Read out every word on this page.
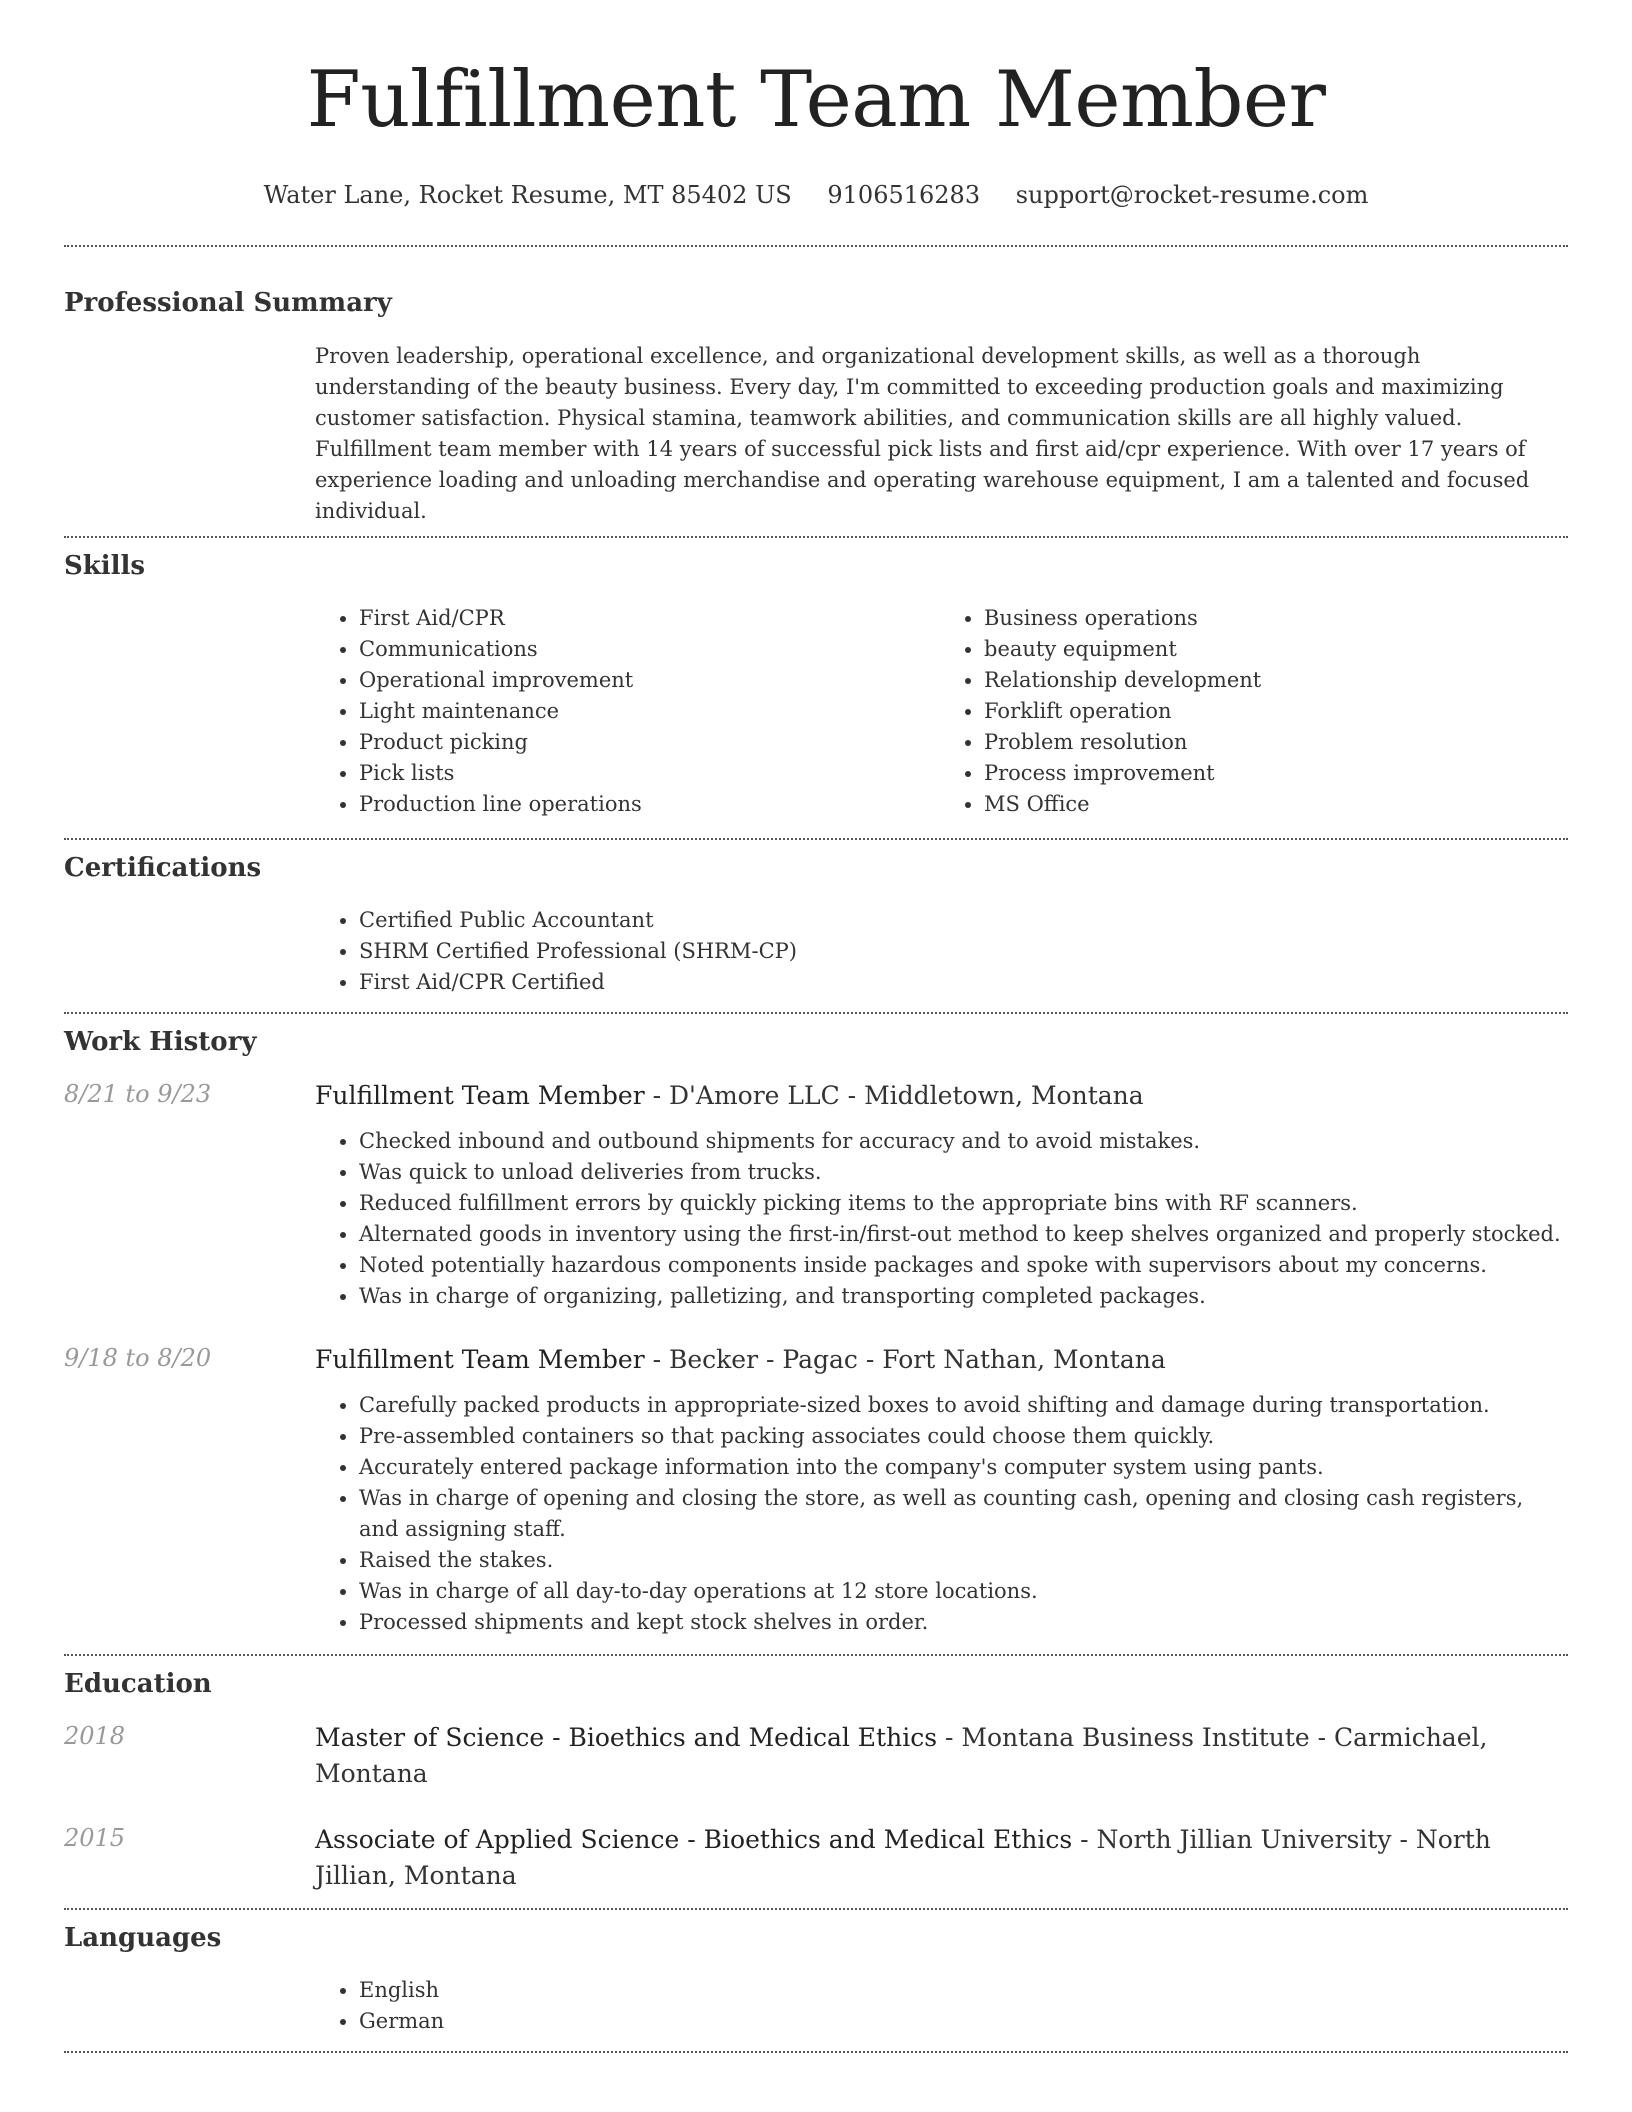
Fulfillment Team Member
Water Lane, Rocket Resume, MT 85402 US 9106516283 support@rocket-resume.com
Professional Summary

Proven leadership, operational excellence, and organizational development skills, as well as a thorough understanding of the beauty business. Every day, I'm committed to exceeding production goals and maximizing customer satisfaction. Physical stamina, teamwork abilities, and communication skills are all highly valued. Fulfillment team member with 14 years of successful pick lists and first aid/cpr experience. With over 17 years of experience loading and unloading merchandise and operating warehouse equipment, I am a talented and focused individual.

Skills
• First Aid/CPR
• Communications
• Operational improvement
• Light maintenance
• Product picking
• Pick lists
• Production line operations
• Business operations
• beauty equipment
• Relationship development
• Forklift operation
• Problem resolution
• Process improvement
• MS Office
Certifications
• Certified Public Accountant
• SHRM Certified Professional (SHRM-CP)
• First Aid/CPR Certified
Work History
8/21 to 9/23	Fulfillment Team Member - D'Amore LLC - Middletown, Montana
• Checked inbound and outbound shipments for accuracy and to avoid mistakes.
• Was quick to unload deliveries from trucks.
• Reduced fulfillment errors by quickly picking items to the appropriate bins with RF scanners.
• Alternated goods in inventory using the first-in/first-out method to keep shelves organized and properly stocked.
• Noted potentially hazardous components inside packages and spoke with supervisors about my concerns.
• Was in charge of organizing, palletizing, and transporting completed packages.
9/18 to 8/20	Fulfillment Team Member - Becker - Pagac - Fort Nathan, Montana
• Carefully packed products in appropriate-sized boxes to avoid shifting and damage during transportation.
• Pre-assembled containers so that packing associates could choose them quickly.
• Accurately entered package information into the company's computer system using pants.
• Was in charge of opening and closing the store, as well as counting cash, opening and closing cash registers, and assigning staff.
• Raised the stakes.
• Was in charge of all day-to-day operations at 12 store locations.
• Processed shipments and kept stock shelves in order.
Education
2018	Master of Science - Bioethics and Medical Ethics - Montana Business Institute - Carmichael, Montana
2015	Associate of Applied Science - Bioethics and Medical Ethics - North Jillian University - North Jillian, Montana
Languages
• English
• German
